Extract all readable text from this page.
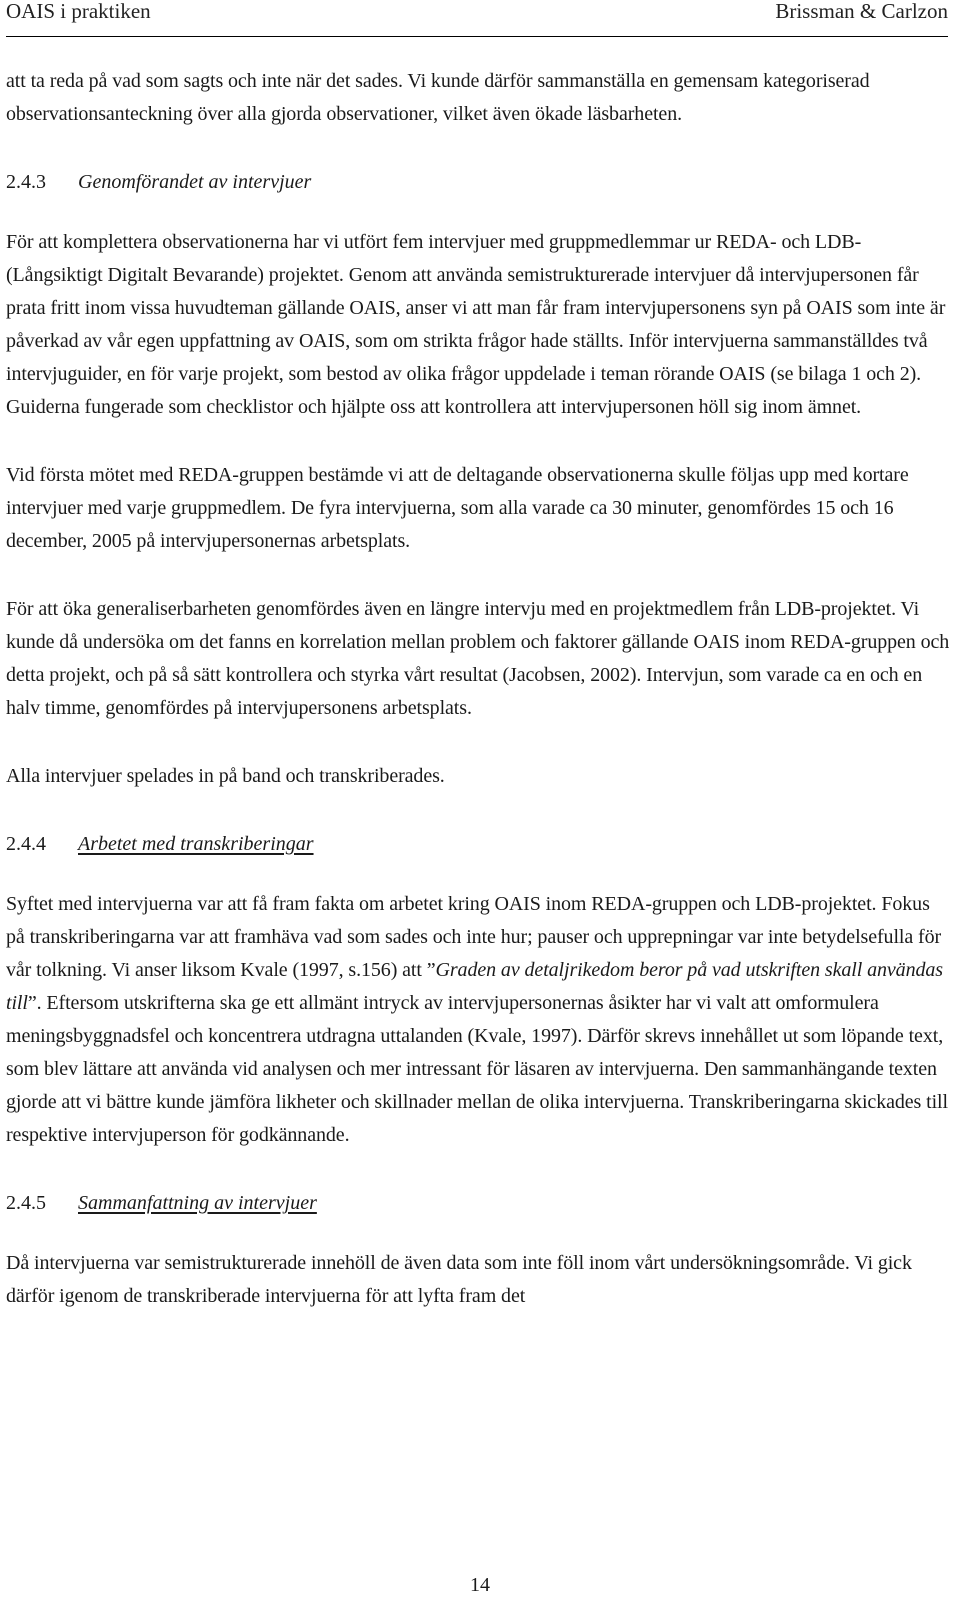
OAIS i praktiken	Brissman & Carlzon

att ta reda på vad som sagts och inte när det sades. Vi kunde därför sammanställa en gemensam kategoriserad observationsanteckning över alla gjorda observationer, vilket även ökade läsbarheten.

2.4.3 Genomförandet av intervjuer

För att komplettera observationerna har vi utfört fem intervjuer med gruppmedlemmar ur REDA- och LDB- (Långsiktigt Digitalt Bevarande) projektet. Genom att använda semistrukturerade intervjuer då intervjupersonen får prata fritt inom vissa huvudteman gällande OAIS, anser vi att man får fram intervjupersonens syn på OAIS som inte är påverkad av vår egen uppfattning av OAIS, som om strikta frågor hade ställts. Inför intervjuerna sammanställdes två intervjuguider, en för varje projekt, som bestod av olika frågor uppdelade i teman rörande OAIS (se bilaga 1 och 2). Guiderna fungerade som checklistor och hjälpte oss att kontrollera att intervjupersonen höll sig inom ämnet.

Vid första mötet med REDA-gruppen bestämde vi att de deltagande observationerna skulle följas upp med kortare intervjuer med varje gruppmedlem. De fyra intervjuerna, som alla varade ca 30 minuter, genomfördes 15 och 16 december, 2005 på intervjupersonernas arbetsplats.

För att öka generaliserbarheten genomfördes även en längre intervju med en projektmedlem från LDB-projektet. Vi kunde då undersöka om det fanns en korrelation mellan problem och faktorer gällande OAIS inom REDA-gruppen och detta projekt, och på så sätt kontrollera och styrka vårt resultat (Jacobsen, 2002). Intervjun, som varade ca en och en halv timme, genomfördes på intervjupersonens arbetsplats.

Alla intervjuer spelades in på band och transkriberades.

2.4.4 Arbetet med transkriberingar

Syftet med intervjuerna var att få fram fakta om arbetet kring OAIS inom REDA-gruppen och LDB-projektet. Fokus på transkriberingarna var att framhäva vad som sades och inte hur; pauser och upprepningar var inte betydelsefulla för vår tolkning. Vi anser liksom Kvale (1997, s.156) att ”Graden av detaljrikedom beror på vad utskriften skall användas till”. Eftersom utskrifterna ska ge ett allmänt intryck av intervjupersonernas åsikter har vi valt att omformulera meningsbyggnadsfel och koncentrera utdragna uttalanden (Kvale, 1997). Därför skrevs innehållet ut som löpande text, som blev lättare att använda vid analysen och mer intressant för läsaren av intervjuerna. Den sammanhängande texten gjorde att vi bättre kunde jämföra likheter och skillnader mellan de olika intervjuerna. Transkriberingarna skickades till respektive intervjuperson för godkännande.

2.4.5 Sammanfattning av intervjuer

Då intervjuerna var semistrukturerade innehöll de även data som inte föll inom vårt undersökningsområde. Vi gick därför igenom de transkriberade intervjuerna för att lyfta fram det

14
